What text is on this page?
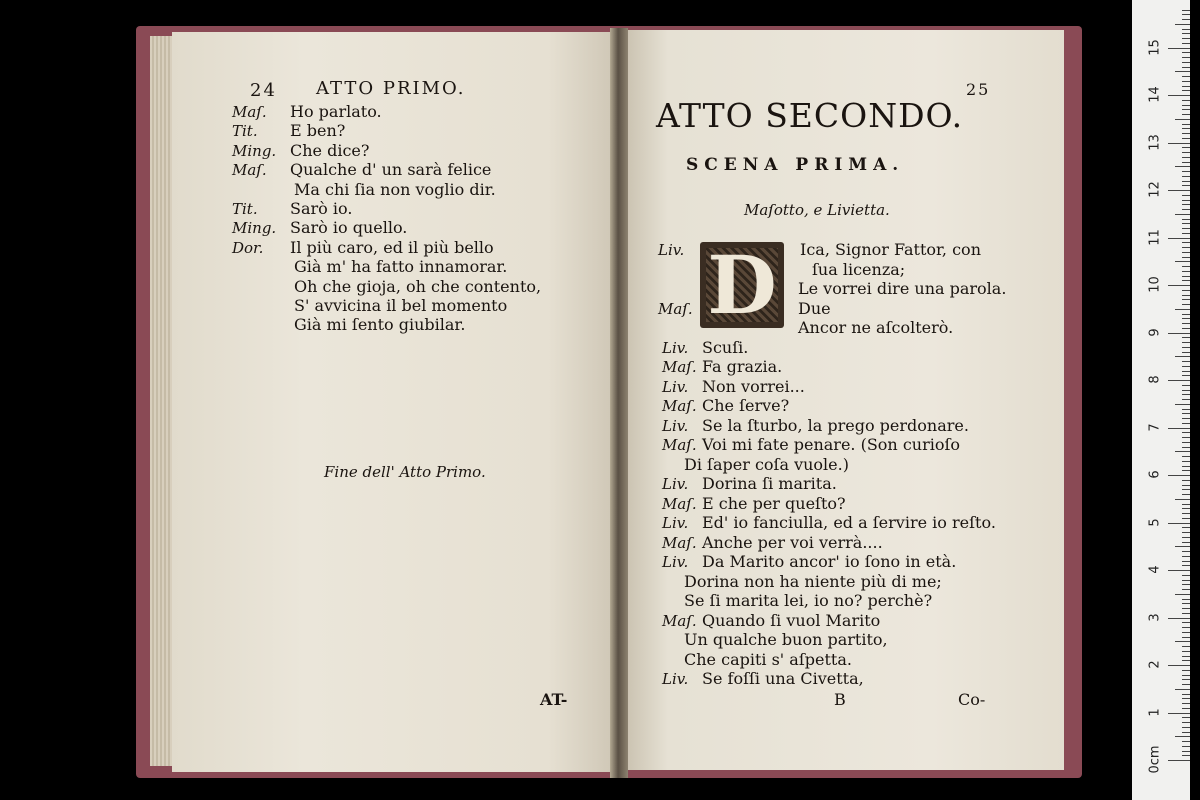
24 ATTO PRIMO.
Maſ. Ho parlato.
Tit. E ben?
Ming. Che dice?
Maſ. Qualche d' un sarà felice
Ma chi ſia non voglio dir.
Tit. Sarò io.
Ming. Sarò io quello.
Dor. Il più caro, ed il più bello
Già m' ha fatto innamorar.
Oh che gioja, oh che contento,
S' avvicina il bel momento
Già mi ſento giubilar.
Fine dell' Atto Primo.
AT-
25
ATTO SECONDO.
SCENA PRIMA.
Maſotto, e Livietta.
D
Liv.	Ica, Signor Fattor, con
ſua licenza;
Le vorrei dire una parola.
Maſ.	Due
Ancor ne aſcolterò.
Liv. Scuſi.
Maſ. Fa grazia.
Liv. Non vorrei...
Maſ. Che ſerve?
Liv. Se la ſturbo, la prego perdonare.
Maſ. Voi mi fate penare. (Son curioſo
Di ſaper coſa vuole.)
Liv. Dorina ſi marita.
Maſ. E che per queſto?
Liv. Ed' io fanciulla, ed a ſervire io reſto.
Maſ. Anche per voi verrà....
Liv. Da Marito ancor' io ſono in età.
Dorina non ha niente più di me;
Se ſi marita lei, io no? perchè?
Maſ. Quando ſi vuol Marito
Un qualche buon partito,
Che capiti s' aſpetta.
Liv. Se foſſi una Civetta,
B	Co-
0cm
1
2
3
4
5
6
7
8
9
10
11
12
13
14
15
